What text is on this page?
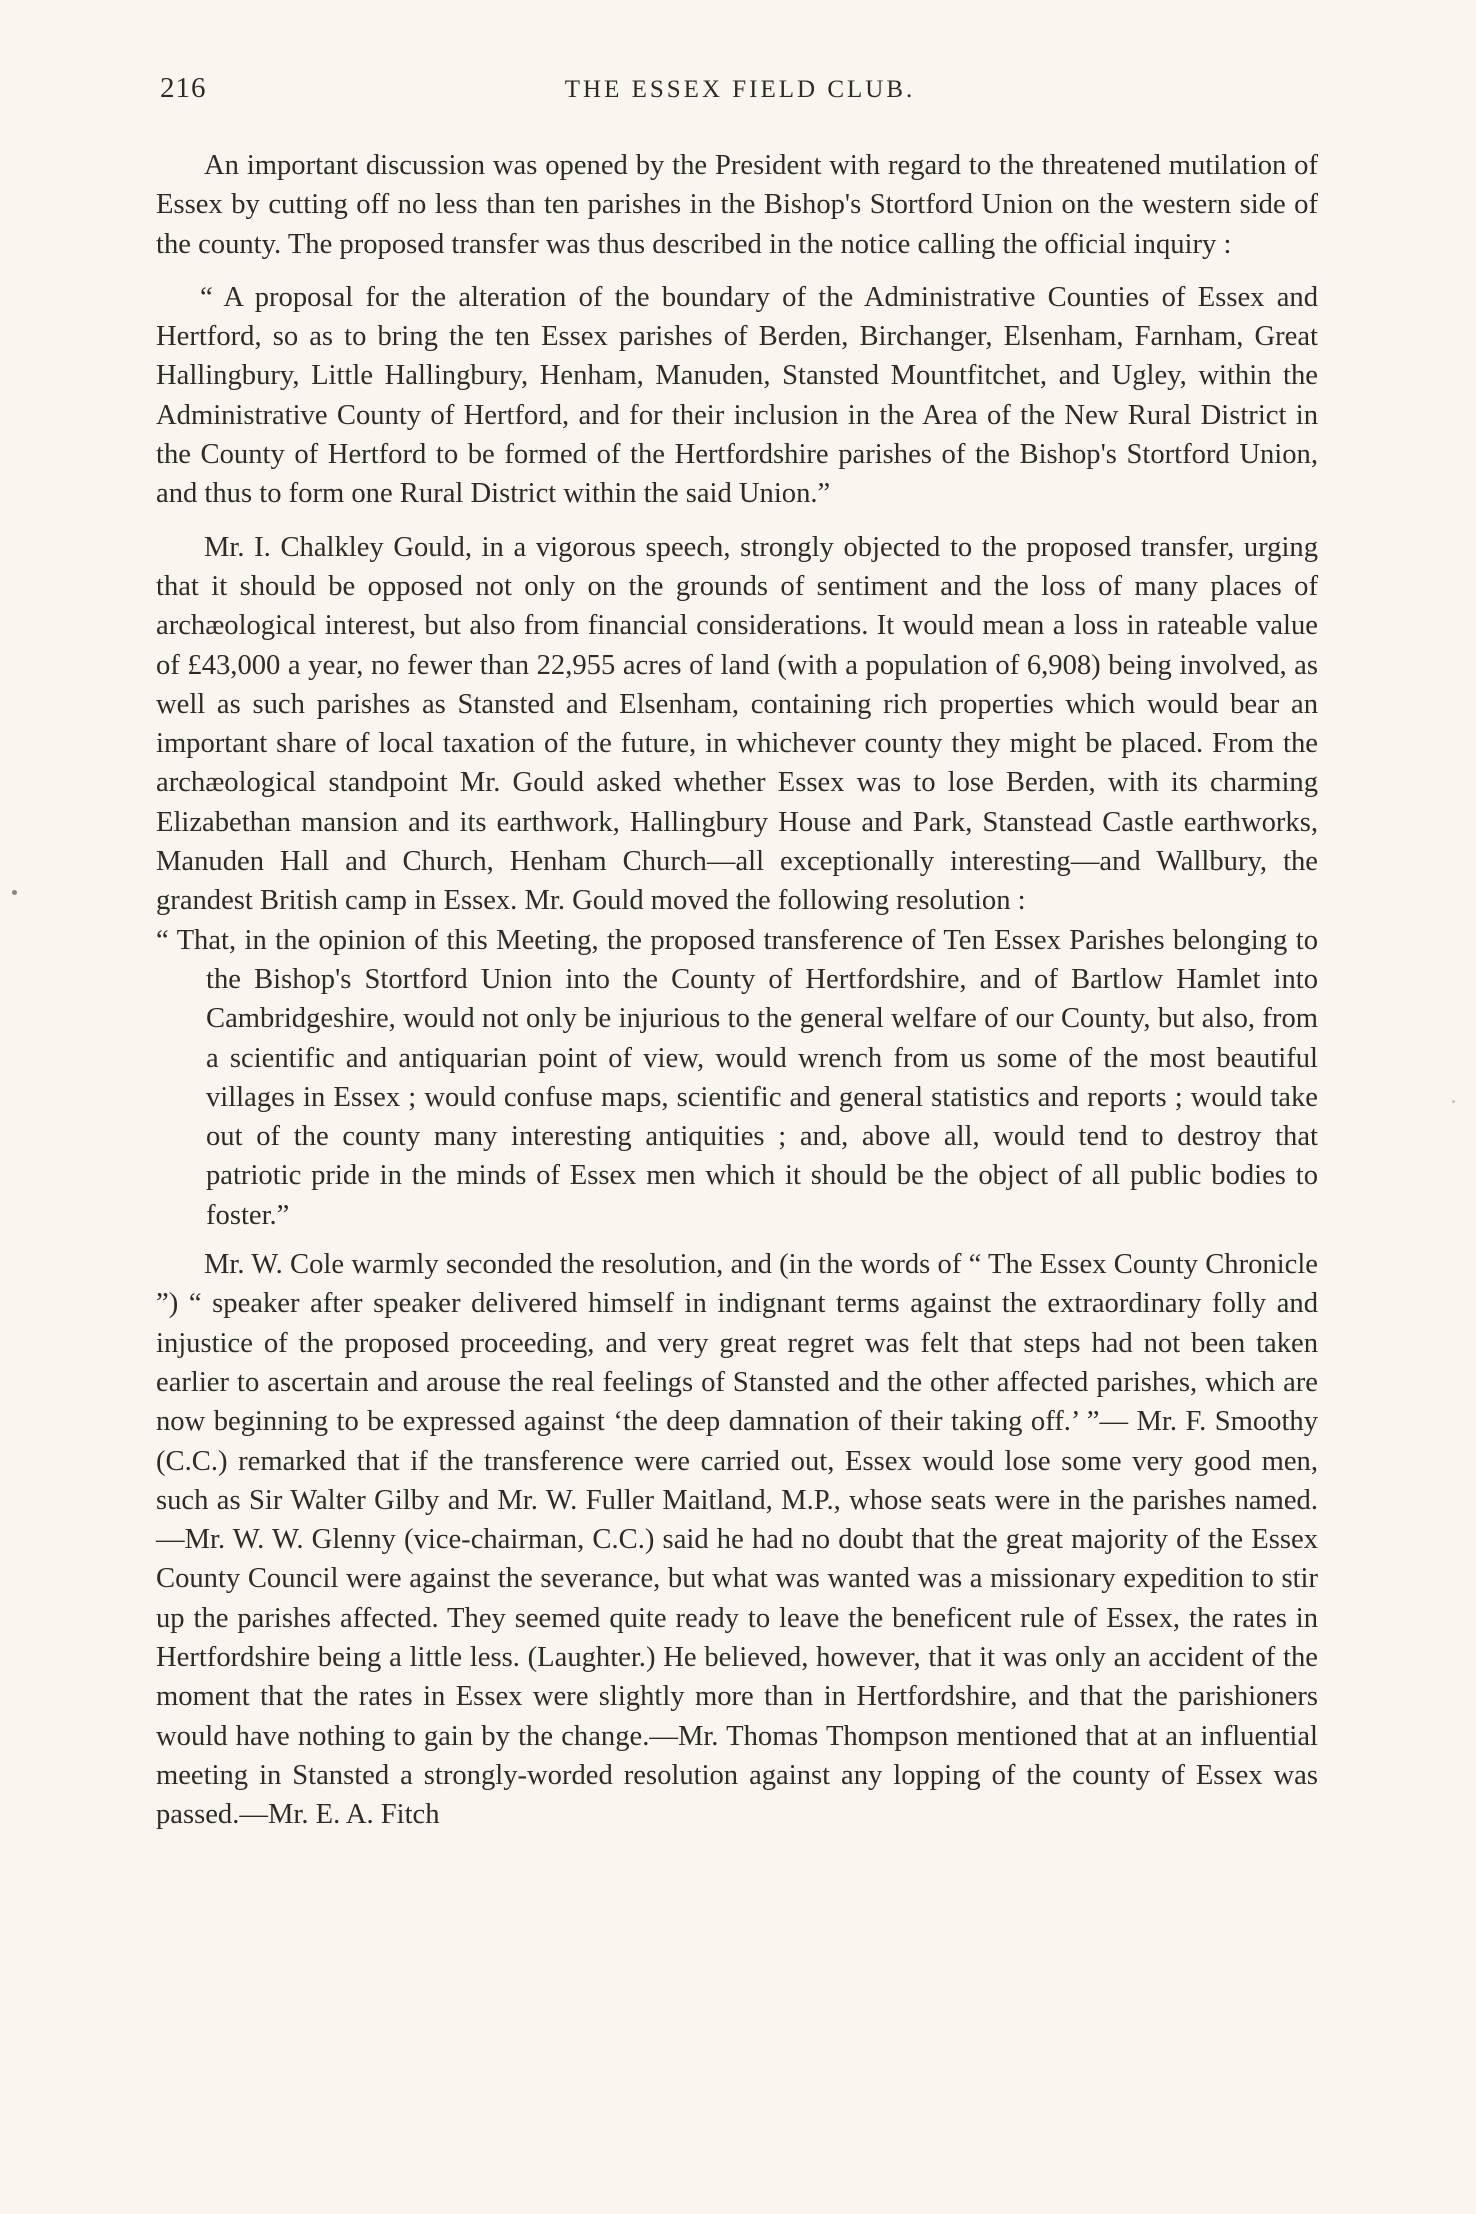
216	THE ESSEX FIELD CLUB.

An important discussion was opened by the President with regard to the threatened mutilation of Essex by cutting off no less than ten parishes in the Bishop's Stortford Union on the western side of the county. The proposed transfer was thus described in the notice calling the official inquiry :

“ A proposal for the alteration of the boundary of the Administrative Counties of Essex and Hertford, so as to bring the ten Essex parishes of Berden, Birchanger, Elsenham, Farnham, Great Hallingbury, Little Hallingbury, Henham, Manuden, Stansted Mountfitchet, and Ugley, within the Administrative County of Hertford, and for their inclusion in the Area of the New Rural District in the County of Hertford to be formed of the Hertfordshire parishes of the Bishop's Stortford Union, and thus to form one Rural District within the said Union.”

Mr. I. Chalkley Gould, in a vigorous speech, strongly objected to the proposed transfer, urging that it should be opposed not only on the grounds of sentiment and the loss of many places of archæological interest, but also from financial considerations. It would mean a loss in rateable value of £43,000 a year, no fewer than 22,955 acres of land (with a population of 6,908) being involved, as well as such parishes as Stansted and Elsenham, containing rich properties which would bear an important share of local taxation of the future, in whichever county they might be placed. From the archæological standpoint Mr. Gould asked whether Essex was to lose Berden, with its charming Elizabethan mansion and its earthwork, Hallingbury House and Park, Stanstead Castle earthworks, Manuden Hall and Church, Henham Church—all exceptionally interesting—and Wallbury, the grandest British camp in Essex. Mr. Gould moved the following resolution :

“ That, in the opinion of this Meeting, the proposed transference of Ten Essex Parishes belonging to the Bishop's Stortford Union into the County of Hertfordshire, and of Bartlow Hamlet into Cambridgeshire, would not only be injurious to the general welfare of our County, but also, from a scientific and antiquarian point of view, would wrench from us some of the most beautiful villages in Essex ; would confuse maps, scientific and general statistics and reports ; would take out of the county many interesting antiquities ; and, above all, would tend to destroy that patriotic pride in the minds of Essex men which it should be the object of all public bodies to foster.”

Mr. W. Cole warmly seconded the resolution, and (in the words of “ The Essex County Chronicle ”) “ speaker after speaker delivered himself in indignant terms against the extraordinary folly and injustice of the proposed proceeding, and very great regret was felt that steps had not been taken earlier to ascertain and arouse the real feelings of Stansted and the other affected parishes, which are now beginning to be expressed against ‘the deep damnation of their taking off.’ ”— Mr. F. Smoothy (C.C.) remarked that if the transference were carried out, Essex would lose some very good men, such as Sir Walter Gilby and Mr. W. Fuller Maitland, M.P., whose seats were in the parishes named.—Mr. W. W. Glenny (vice-chairman, C.C.) said he had no doubt that the great majority of the Essex County Council were against the severance, but what was wanted was a missionary expedition to stir up the parishes affected. They seemed quite ready to leave the beneficent rule of Essex, the rates in Hertfordshire being a little less. (Laughter.) He believed, however, that it was only an accident of the moment that the rates in Essex were slightly more than in Hertfordshire, and that the parishioners would have nothing to gain by the change.—Mr. Thomas Thompson mentioned that at an influential meeting in Stansted a strongly-worded resolution against any lopping of the county of Essex was passed.—Mr. E. A. Fitch
